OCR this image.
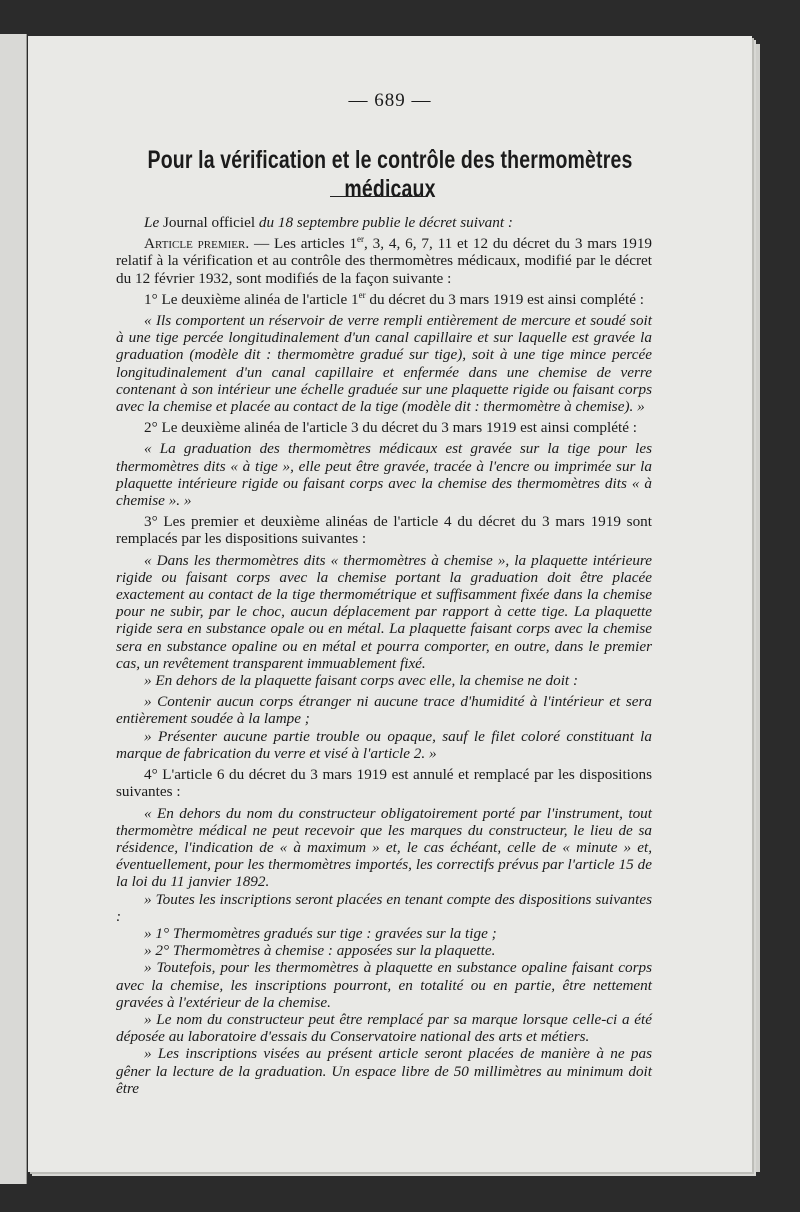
— 689 —
Pour la vérification et le contrôle des thermomètres médicaux

Le Journal officiel du 18 septembre publie le décret suivant :

Article premier. — Les articles 1er, 3, 4, 6, 7, 11 et 12 du décret du 3 mars 1919 relatif à la vérification et au contrôle des thermomètres médicaux, modifié par le décret du 12 février 1932, sont modifiés de la façon suivante :

1° Le deuxième alinéa de l'article 1er du décret du 3 mars 1919 est ainsi complété :

« Ils comportent un réservoir de verre rempli entièrement de mercure et soudé soit à une tige percée longitudinalement d'un canal capillaire et sur laquelle est gravée la graduation (modèle dit : thermomètre gradué sur tige), soit à une tige mince percée longitudinalement d'un canal capillaire et enfermée dans une chemise de verre contenant à son intérieur une échelle graduée sur une plaquette rigide ou faisant corps avec la chemise et placée au contact de la tige (modèle dit : thermomètre à chemise). »

2° Le deuxième alinéa de l'article 3 du décret du 3 mars 1919 est ainsi complété :

« La graduation des thermomètres médicaux est gravée sur la tige pour les thermomètres dits « à tige », elle peut être gravée, tracée à l'encre ou imprimée sur la plaquette intérieure rigide ou faisant corps avec la chemise des thermomètres dits « à chemise ». »

3° Les premier et deuxième alinéas de l'article 4 du décret du 3 mars 1919 sont remplacés par les dispositions suivantes :

« Dans les thermomètres dits « thermomètres à chemise », la plaquette intérieure rigide ou faisant corps avec la chemise portant la graduation doit être placée exactement au contact de la tige thermométrique et suffisamment fixée dans la chemise pour ne subir, par le choc, aucun déplacement par rapport à cette tige. La plaquette rigide sera en substance opale ou en métal. La plaquette faisant corps avec la chemise sera en substance opaline ou en métal et pourra comporter, en outre, dans le premier cas, un revêtement transparent immuablement fixé.

» En dehors de la plaquette faisant corps avec elle, la chemise ne doit :

» Contenir aucun corps étranger ni aucune trace d'humidité à l'intérieur et sera entièrement soudée à la lampe ;

» Présenter aucune partie trouble ou opaque, sauf le filet coloré constituant la marque de fabrication du verre et visé à l'article 2. »

4° L'article 6 du décret du 3 mars 1919 est annulé et remplacé par les dispositions suivantes :

« En dehors du nom du constructeur obligatoirement porté par l'instrument, tout thermomètre médical ne peut recevoir que les marques du constructeur, le lieu de sa résidence, l'indication de « à maximum » et, le cas échéant, celle de « minute » et, éventuellement, pour les thermomètres importés, les correctifs prévus par l'article 15 de la loi du 11 janvier 1892.

» Toutes les inscriptions seront placées en tenant compte des dispositions suivantes :

» 1° Thermomètres gradués sur tige : gravées sur la tige ;

» 2° Thermomètres à chemise : apposées sur la plaquette.

» Toutefois, pour les thermomètres à plaquette en substance opaline faisant corps avec la chemise, les inscriptions pourront, en totalité ou en partie, être nettement gravées à l'extérieur de la chemise.

» Le nom du constructeur peut être remplacé par sa marque lorsque celle-ci a été déposée au laboratoire d'essais du Conservatoire national des arts et métiers.

» Les inscriptions visées au présent article seront placées de manière à ne pas gêner la lecture de la graduation. Un espace libre de 50 millimètres au minimum doit être
